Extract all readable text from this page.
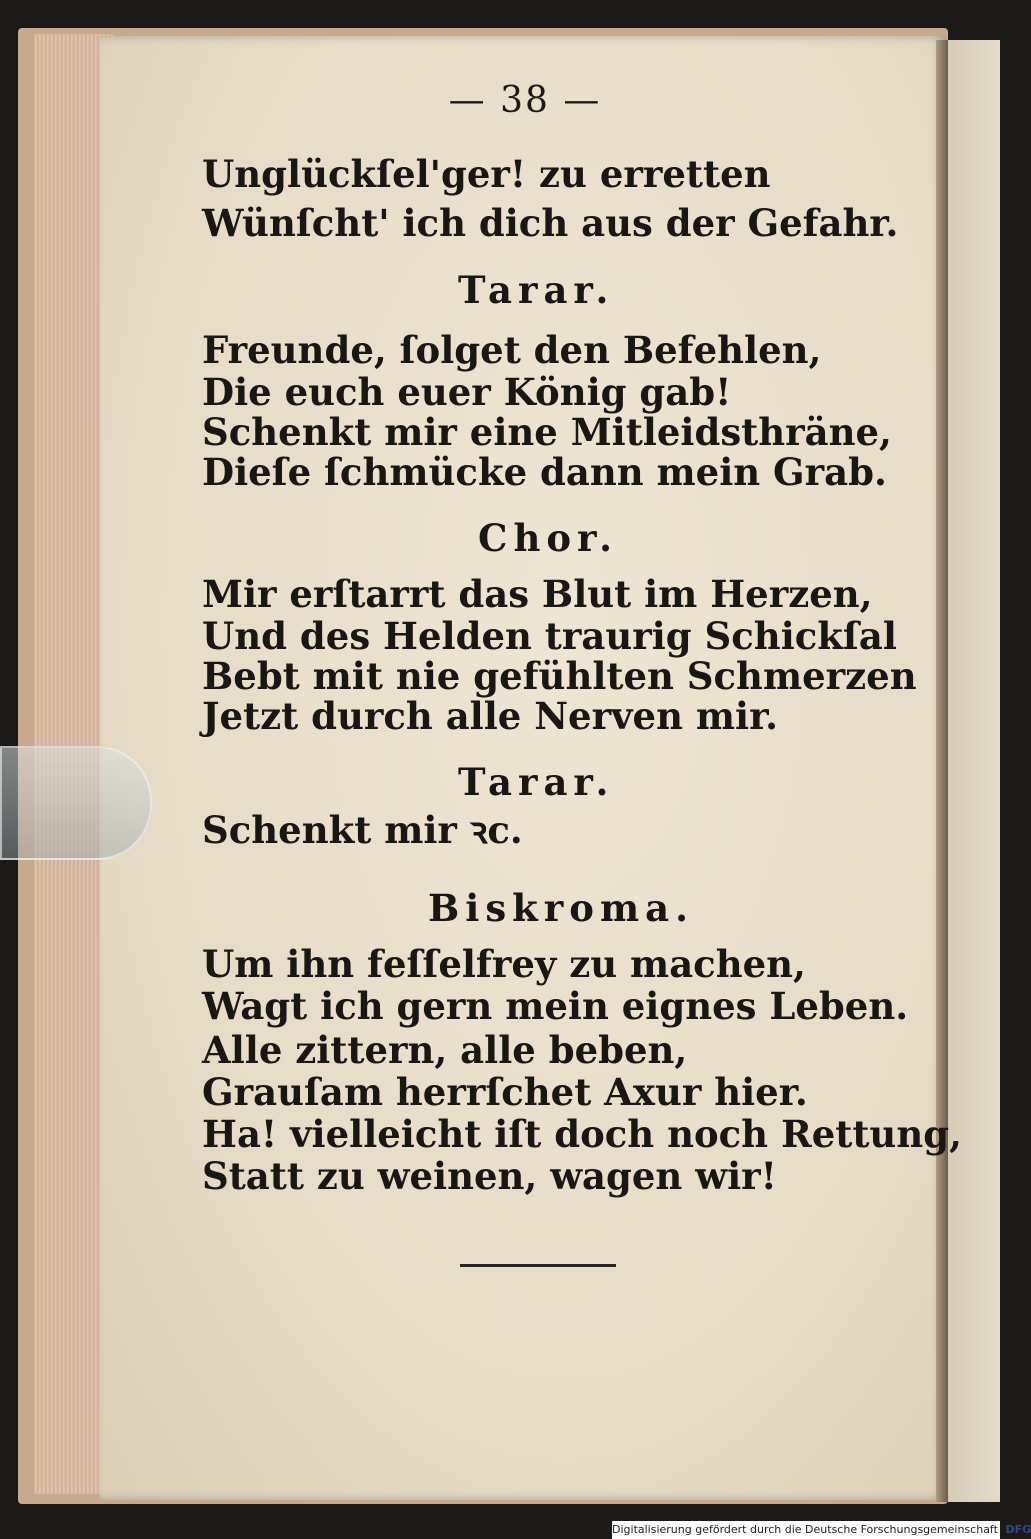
— 38 —
Unglückſel'ger! zu erretten
Wünſcht' ich dich aus der Gefahr.
Tarar.
Freunde, ſolget den Befehlen,
Die euch euer König gab!
Schenkt mir eine Mitleidsthräne,
Dieſe ſchmücke dann mein Grab.
Chor.
Mir erſtarrt das Blut im Herzen,
Und des Helden traurig Schickſal
Bebt mit nie gefühlten Schmerzen
Jetzt durch alle Nerven mir.
Tarar.
Schenkt mir ꝛc.
Biskroma.
Um ihn feſſelfrey zu machen,
Wagt ich gern mein eignes Leben.
Alle zittern, alle beben,
Grauſam herrſchet Axur hier.
Ha! vielleicht iſt doch noch Rettung,
Statt zu weinen, wagen wir!
Digitalisierung gefördert durch die Deutsche Forschungsgemeinschaft DFG
